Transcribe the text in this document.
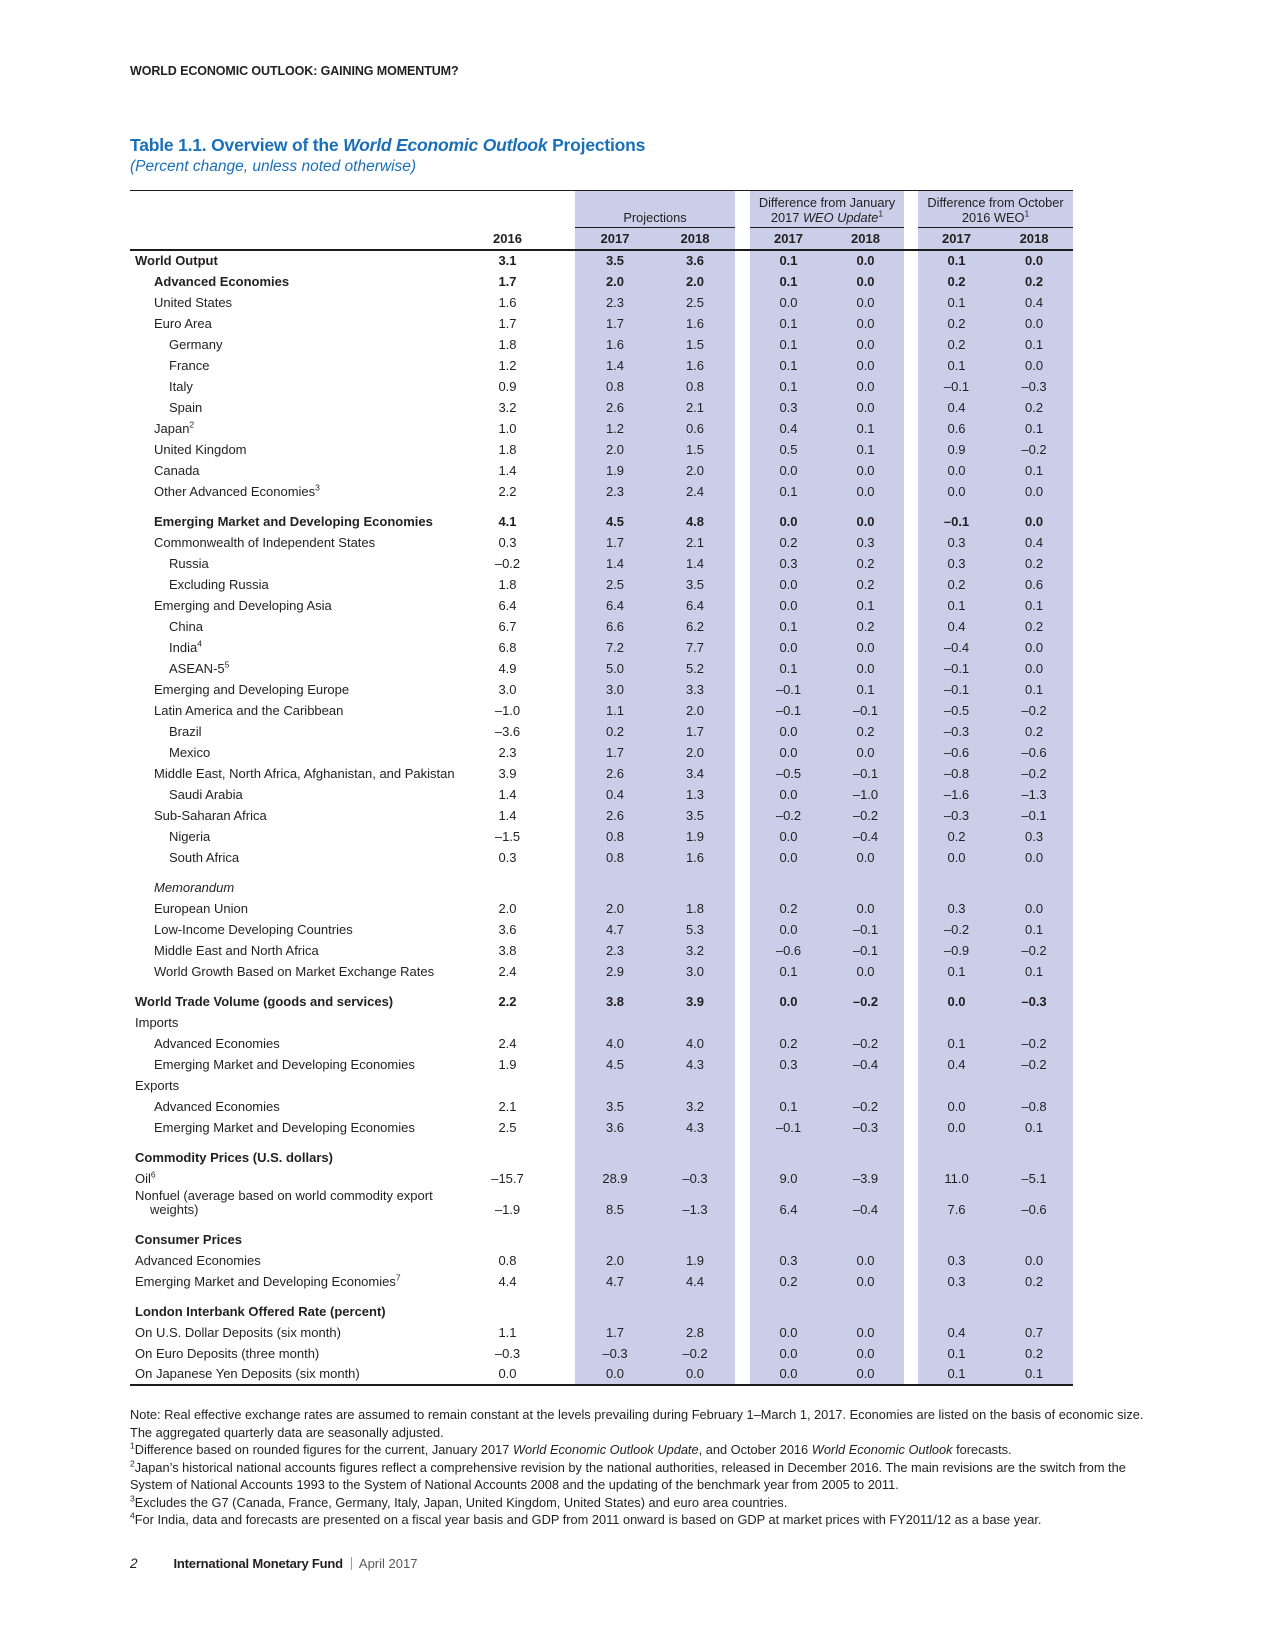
WORLD ECONOMIC OUTLOOK: GAINING MOMENTUM?
Table 1.1. Overview of the World Economic Outlook Projections
(Percent change, unless noted otherwise)
		Projections			Difference from January
2017 WEO Update$^1$			Difference from October
2016 WEO$^1$
	2016	2017	2018		2017	2018		2017	2018
World Output	3.1	3.5	3.6		0.1	0.0		0.1	0.0
Advanced Economies	1.7	2.0	2.0		0.1	0.0		0.2	0.2
United States	1.6	2.3	2.5		0.0	0.0		0.1	0.4
Euro Area	1.7	1.7	1.6		0.1	0.0		0.2	0.0
Germany	1.8	1.6	1.5		0.1	0.0		0.2	0.1
France	1.2	1.4	1.6		0.1	0.0		0.1	0.0
Italy	0.9	0.8	0.8		0.1	0.0		–0.1	–0.3
Spain	3.2	2.6	2.1		0.3	0.0		0.4	0.2
Japan$^2$	1.0	1.2	0.6		0.4	0.1		0.6	0.1
United Kingdom	1.8	2.0	1.5		0.5	0.1		0.9	–0.2
Canada	1.4	1.9	2.0		0.0	0.0		0.0	0.1
Other Advanced Economies$^3$	2.2	2.3	2.4		0.1	0.0		0.0	0.0

Emerging Market and Developing Economies	4.1	4.5	4.8		0.0	0.0		–0.1	0.0
Commonwealth of Independent States	0.3	1.7	2.1		0.2	0.3		0.3	0.4
Russia	–0.2	1.4	1.4		0.3	0.2		0.3	0.2
Excluding Russia	1.8	2.5	3.5		0.0	0.2		0.2	0.6
Emerging and Developing Asia	6.4	6.4	6.4		0.0	0.1		0.1	0.1
China	6.7	6.6	6.2		0.1	0.2		0.4	0.2
India$^4$	6.8	7.2	7.7		0.0	0.0		–0.4	0.0
ASEAN-$5^5$	4.9	5.0	5.2		0.1	0.0		–0.1	0.0
Emerging and Developing Europe	3.0	3.0	3.3		–0.1	0.1		–0.1	0.1
Latin America and the Caribbean	–1.0	1.1	2.0		–0.1	–0.1		–0.5	–0.2
Brazil	–3.6	0.2	1.7		0.0	0.2		–0.3	0.2
Mexico	2.3	1.7	2.0		0.0	0.0		–0.6	–0.6
Middle East, North Africa, Afghanistan, and Pakistan	3.9	2.6	3.4		–0.5	–0.1		–0.8	–0.2
Saudi Arabia	1.4	0.4	1.3		0.0	–1.0		–1.6	–1.3
Sub-Saharan Africa	1.4	2.6	3.5		–0.2	–0.2		–0.3	–0.1
Nigeria	–1.5	0.8	1.9		0.0	–0.4		0.2	0.3
South Africa	0.3	0.8	1.6		0.0	0.0		0.0	0.0

Memorandum									
European Union	2.0	2.0	1.8		0.2	0.0		0.3	0.0
Low-Income Developing Countries	3.6	4.7	5.3		0.0	–0.1		–0.2	0.1
Middle East and North Africa	3.8	2.3	3.2		–0.6	–0.1		–0.9	–0.2
World Growth Based on Market Exchange Rates	2.4	2.9	3.0		0.1	0.0		0.1	0.1

World Trade Volume (goods and services)	2.2	3.8	3.9		0.0	–0.2		0.0	–0.3
Imports									
Advanced Economies	2.4	4.0	4.0		0.2	–0.2		0.1	–0.2
Emerging Market and Developing Economies	1.9	4.5	4.3		0.3	–0.4		0.4	–0.2
Exports									
Advanced Economies	2.1	3.5	3.2		0.1	–0.2		0.0	–0.8
Emerging Market and Developing Economies	2.5	3.6	4.3		–0.1	–0.3		0.0	0.1

Commodity Prices (U.S. dollars)									
Oil$^6$	–15.7	28.9	–0.3		9.0	–3.9		11.0	–5.1
Nonfuel (average based on world commodity export
weights)	–1.9	8.5	–1.3		6.4	–0.4		7.6	–0.6

Consumer Prices									
Advanced Economies	0.8	2.0	1.9		0.3	0.0		0.3	0.0
Emerging Market and Developing Economies$^7$	4.4	4.7	4.4		0.2	0.0		0.3	0.2

London Interbank Offered Rate (percent)									
On U.S. Dollar Deposits (six month)	1.1	1.7	2.8		0.0	0.0		0.4	0.7
On Euro Deposits (three month)	–0.3	–0.3	–0.2		0.0	0.0		0.1	0.2
On Japanese Yen Deposits (six month)	0.0	0.0	0.0		0.0	0.0		0.1	0.1

Note: Real effective exchange rates are assumed to remain constant at the levels prevailing during February 1–March 1, 2017. Economies are listed on the basis of economic size. The aggregated quarterly data are seasonally adjusted.

$^1$Difference based on rounded figures for the current, January 2017 World Economic Outlook Update, and October 2016 World Economic Outlook forecasts.

$^2$Japan’s historical national accounts figures reflect a comprehensive revision by the national authorities, released in December 2016. The main revisions are the switch from the System of National Accounts 1993 to the System of National Accounts 2008 and the updating of the benchmark year from 2005 to 2011.

$^3$Excludes the G7 (Canada, France, Germany, Italy, Japan, United Kingdom, United States) and euro area countries.

$^4$For India, data and forecasts are presented on a fiscal year basis and GDP from 2011 onward is based on GDP at market prices with FY2011/12 as a base year.

2	International Monetary Fund April 2017
